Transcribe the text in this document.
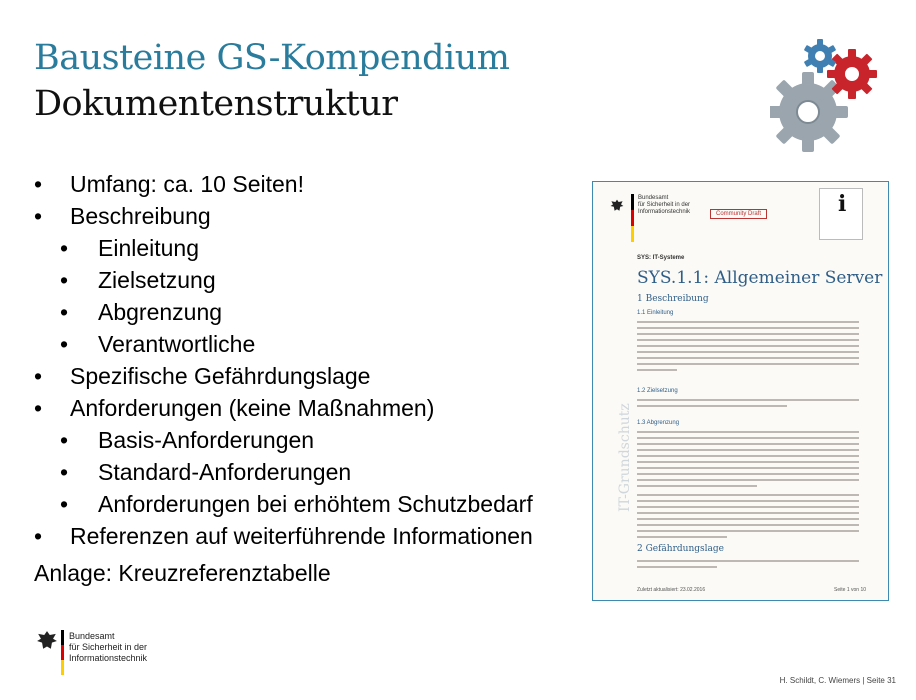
Bausteine GS-Kompendium
Dokumentenstruktur
•	Umfang: ca. 10 Seiten!
•	Beschreibung
•	Einleitung
•	Zielsetzung
•	Abgrenzung
•	Verantwortliche
•	Spezifische Gefährdungslage
•	Anforderungen (keine Maßnahmen)
•	Basis-Anforderungen
•	Standard-Anforderungen
•	Anforderungen bei erhöhtem Schutzbedarf
•	Referenzen auf weiterführende Informationen
Anlage: Kreuzreferenztabelle
Bundesamt
für Sicherheit in der
Informationstechnik	Community Draft	i
SYS: IT-Systeme
SYS.1.1: Allgemeiner Server
1 Beschreibung
1.1 Einleitung
1.2 Zielsetzung
1.3 Abgrenzung
2 Gefährdungslage
IT-Grundschutz
Zuletzt aktualisiert: 23.02.2016	Seite 1 von 10
Bundesamt
für Sicherheit in der
Informationstechnik
H. Schildt, C. Wiemers | Seite 31
